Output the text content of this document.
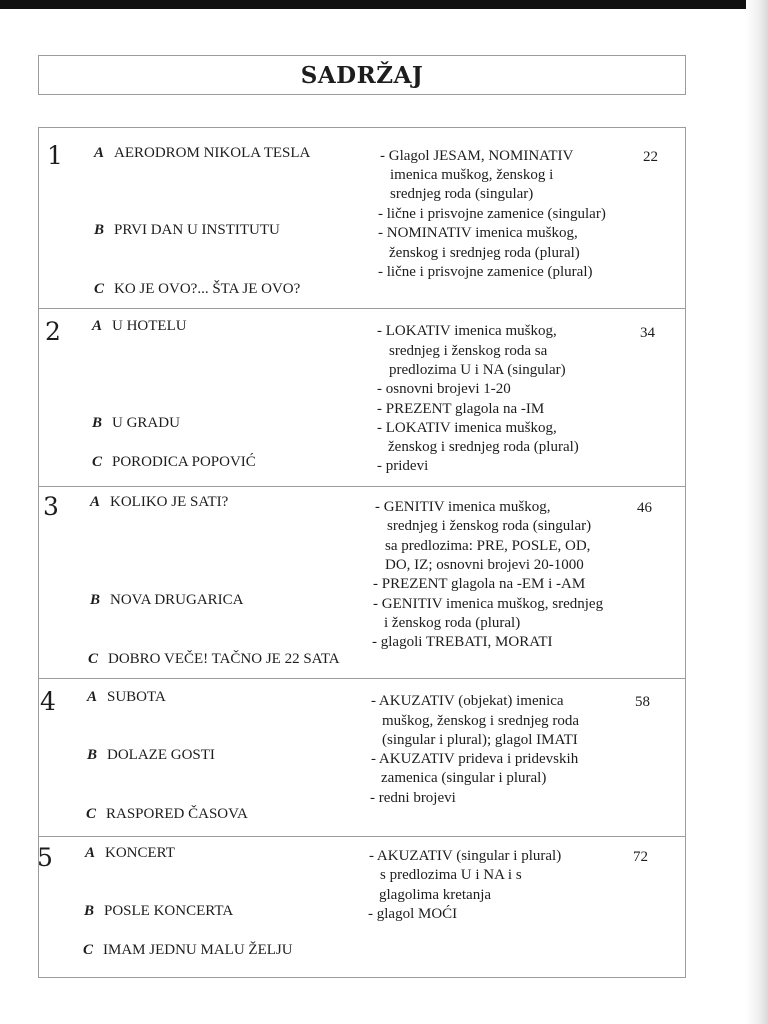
SADRŽAJ
1 A AERODROM NIKOLA TESLA
B PRVI DAN U INSTITUTU
C KO JE OVO?... ŠTA JE OVO?
- Glagol JESAM, NOMINATIV
imenica muškog, ženskog i
srednjeg roda (singular)
- lične i prisvojne zamenice (singular)
- NOMINATIV imenica muškog,
ženskog i srednjeg roda (plural)
- lične i prisvojne zamenice (plural)
22
2 A U HOTELU
B U GRADU
C PORODICA POPOVIĆ
- LOKATIV imenica muškog,
srednjeg i ženskog roda sa
predlozima U i NA (singular)
- osnovni brojevi 1-20
- PREZENT glagola na -IM
- LOKATIV imenica muškog,
ženskog i srednjeg roda (plural)
- pridevi
34
3 A KOLIKO JE SATI?
B NOVA DRUGARICA
C DOBRO VEČE! TAČNO JE 22 SATA
- GENITIV imenica muškog,
srednjeg i ženskog roda (singular)
sa predlozima: PRE, POSLE, OD,
DO, IZ; osnovni brojevi 20-1000
- PREZENT glagola na -EM i -AM
- GENITIV imenica muškog, srednjeg
i ženskog roda (plural)
- glagoli TREBATI, MORATI
46
4 A SUBOTA
B DOLAZE GOSTI
C RASPORED ČASOVA
- AKUZATIV (objekat) imenica
muškog, ženskog i srednjeg roda
(singular i plural); glagol IMATI
- AKUZATIV prideva i pridevskih
zamenica (singular i plural)
- redni brojevi
58
5 A KONCERT
B POSLE KONCERTA
C IMAM JEDNU MALU ŽELJU
- AKUZATIV (singular i plural)
s predlozima U i NA i s
glagolima kretanja
- glagol MOĆI
72
